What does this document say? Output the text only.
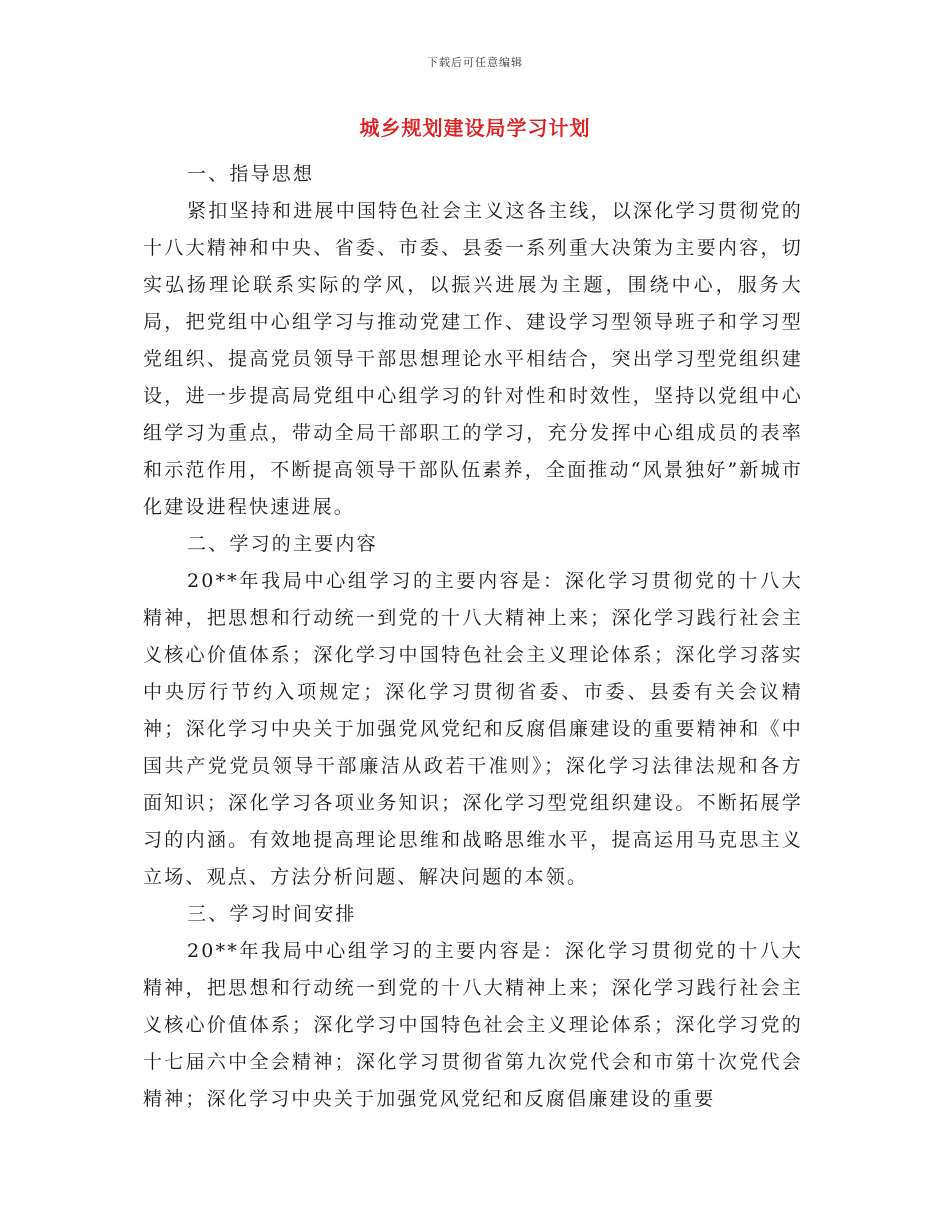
下载后可任意编辑
城乡规划建设局学习计划

一、指导思想

紧扣坚持和进展中国特色社会主义这各主线，以深化学习贯彻党的十八大精神和中央、省委、市委、县委一系列重大决策为主要内容，切实弘扬理论联系实际的学风，以振兴进展为主题，围绕中心，服务大局，把党组中心组学习与推动党建工作、建设学习型领导班子和学习型党组织、提高党员领导干部思想理论水平相结合，突出学习型党组织建设，进一步提高局党组中心组学习的针对性和时效性，坚持以党组中心组学习为重点，带动全局干部职工的学习，充分发挥中心组成员的表率和示范作用，不断提高领导干部队伍素养，全面推动“风景独好”新城市化建设进程快速进展。

二、学习的主要内容

20**年我局中心组学习的主要内容是：深化学习贯彻党的十八大精神，把思想和行动统一到党的十八大精神上来；深化学习践行社会主义核心价值体系；深化学习中国特色社会主义理论体系；深化学习落实中央厉行节约入项规定；深化学习贯彻省委、市委、县委有关会议精神；深化学习中央关于加强党风党纪和反腐倡廉建设的重要精神和《中国共产党党员领导干部廉洁从政若干准则》；深化学习法律法规和各方面知识；深化学习各项业务知识；深化学习型党组织建设。不断拓展学习的内涵。有效地提高理论思维和战略思维水平，提高运用马克思主义立场、观点、方法分析问题、解决问题的本领。

三、学习时间安排

20**年我局中心组学习的主要内容是：深化学习贯彻党的十八大精神，把思想和行动统一到党的十八大精神上来；深化学习践行社会主义核心价值体系；深化学习中国特色社会主义理论体系；深化学习党的十七届六中全会精神；深化学习贯彻省第九次党代会和市第十次党代会精神；深化学习中央关于加强党风党纪和反腐倡廉建设的重要
